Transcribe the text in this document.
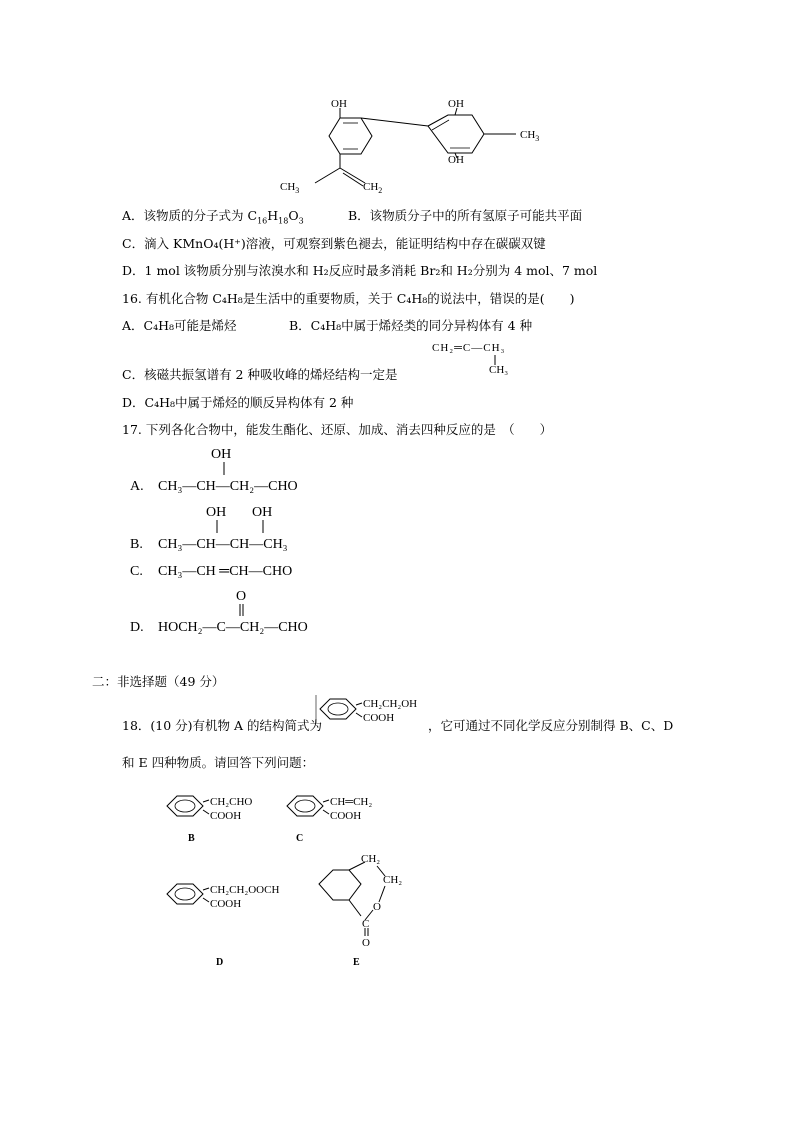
OH	OH
OH
$CH_3$
$CH_3$	$CH_2$
A．该物质的分子式为 $C_{16}H_{18}O_3$	B．该物质分子中的所有氢原子可能共平面
C．滴入 KMnO₄(H⁺)溶液，可观察到紫色褪去，能证明结构中存在碳碳双键
D．1 mol 该物质分别与浓溴水和 H₂反应时最多消耗 Br₂和 H₂分别为 4 mol、7 mol
16. 有机化合物 C₄H₈是生活中的重要物质，关于 C₄H₈的说法中，错误的是(　　)
A．C₄H₈可能是烯烃	B．C₄H₈中属于烯烃类的同分异构体有 4 种
CH₂═C—CH₃
CH₃
C．核磁共振氢谱有 2 种吸收峰的烯烃结构一定是
D．C₄H₈中属于烯烃的顺反异构体有 2 种
17. 下列各化合物中，能发生酯化、还原、加成、消去四种反应的是　（　　）
OH
A. CH₃—CH—CH₂—CHO
OH OH
B. CH₃—CH—CH—CH₃
C. CH₃—CH ═CH—CHO
O
D. HOCH₂—C—CH₂—CHO
二：非选择题（49 分）
18．(10 分)有机物 A 的结构简式为
CH₂CH₂OH
COOH	，它可通过不同化学反应分别制得 B、C、D
和 E 四种物质。请回答下列问题：
CH₂CHO
COOH
B
CH═CH₂
COOH
C
CH₂CH₂OOCH
COOH
D
CH₂
CH₂
O
C
O
E
